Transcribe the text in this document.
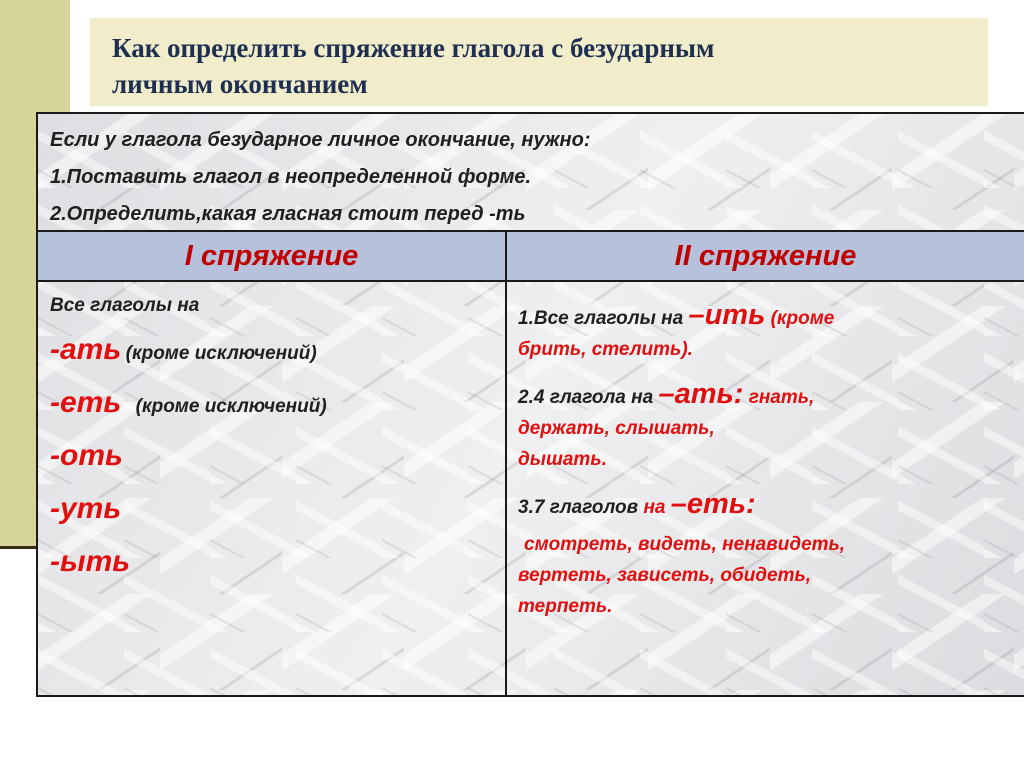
Как определить спряжение глагола с безударным

личным окончанием

Если у глагола безударное личное окончание, нужно:

1.Поставить глагол в неопределенной форме.

2.Определить,какая гласная стоит перед -ть

I спряжение	II спряжение

Все глаголы на

-ать (кроме исключений)

-еть (кроме исключений)

-оть

-уть

-ыть

1.Все глаголы на –ить (кроме

брить, стелить).

2.4 глагола на –ать: гнать,

держать, слышать,

дышать.

3.7 глаголов на –еть:

смотреть, видеть, ненавидеть,

вертеть, зависеть, обидеть,

терпеть.
